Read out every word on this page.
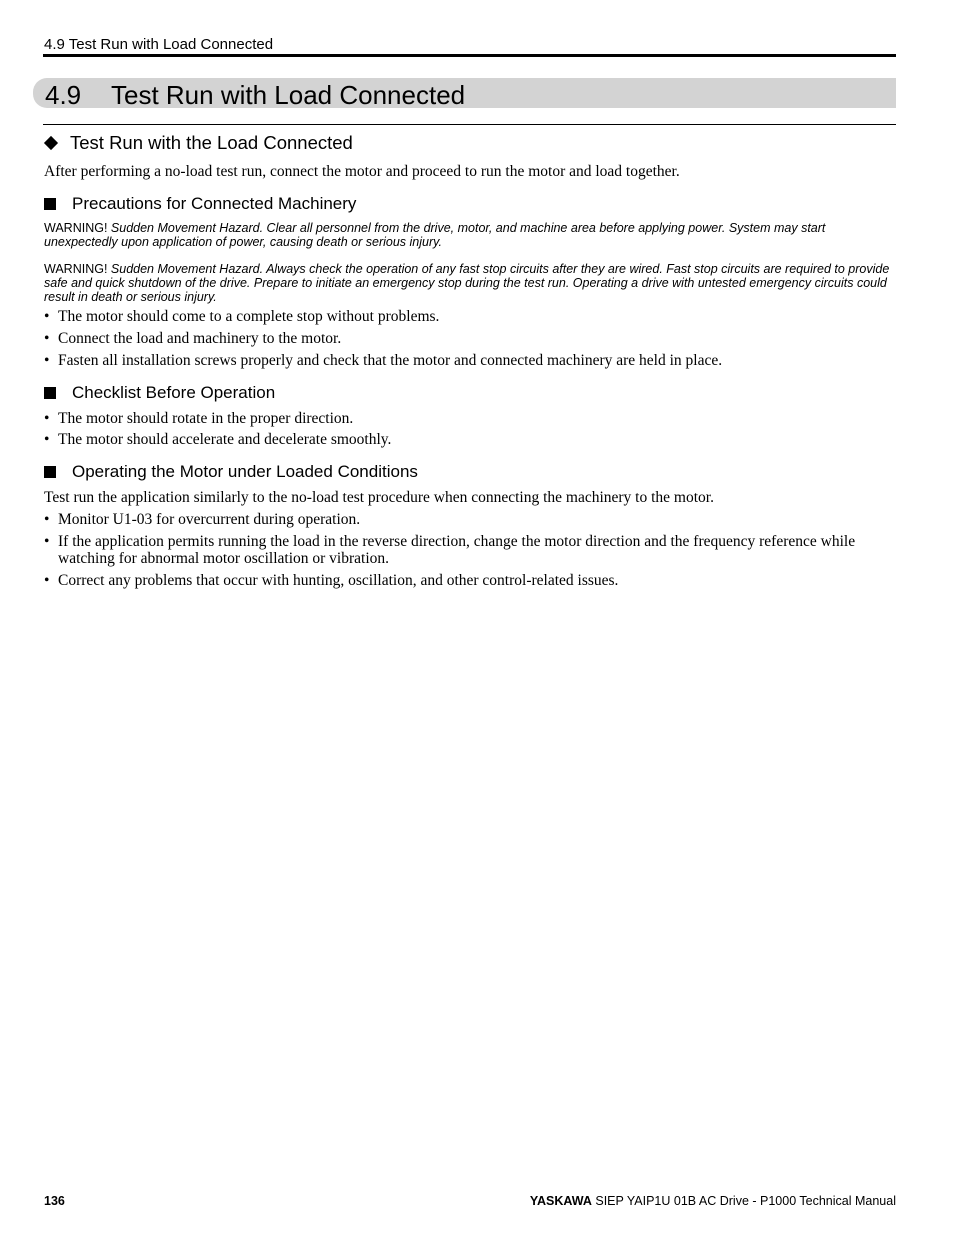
4.9 Test Run with Load Connected
4.9 Test Run with Load Connected
Test Run with the Load Connected
After performing a no-load test run, connect the motor and proceed to run the motor and load together.
Precautions for Connected Machinery
WARNING! Sudden Movement Hazard. Clear all personnel from the drive, motor, and machine area before applying power. System may start unexpectedly upon application of power, causing death or serious injury.
WARNING! Sudden Movement Hazard. Always check the operation of any fast stop circuits after they are wired. Fast stop circuits are required to provide safe and quick shutdown of the drive. Prepare to initiate an emergency stop during the test run. Operating a drive with untested emergency circuits could result in death or serious injury.
• The motor should come to a complete stop without problems.
• Connect the load and machinery to the motor.
• Fasten all installation screws properly and check that the motor and connected machinery are held in place.
Checklist Before Operation
• The motor should rotate in the proper direction.
• The motor should accelerate and decelerate smoothly.
Operating the Motor under Loaded Conditions
Test run the application similarly to the no-load test procedure when connecting the machinery to the motor.
• Monitor U1-03 for overcurrent during operation.
• If the application permits running the load in the reverse direction, change the motor direction and the frequency reference while watching for abnormal motor oscillation or vibration.
• Correct any problems that occur with hunting, oscillation, and other control-related issues.
136	YASKAWA SIEP YAIP1U 01B AC Drive - P1000 Technical Manual
